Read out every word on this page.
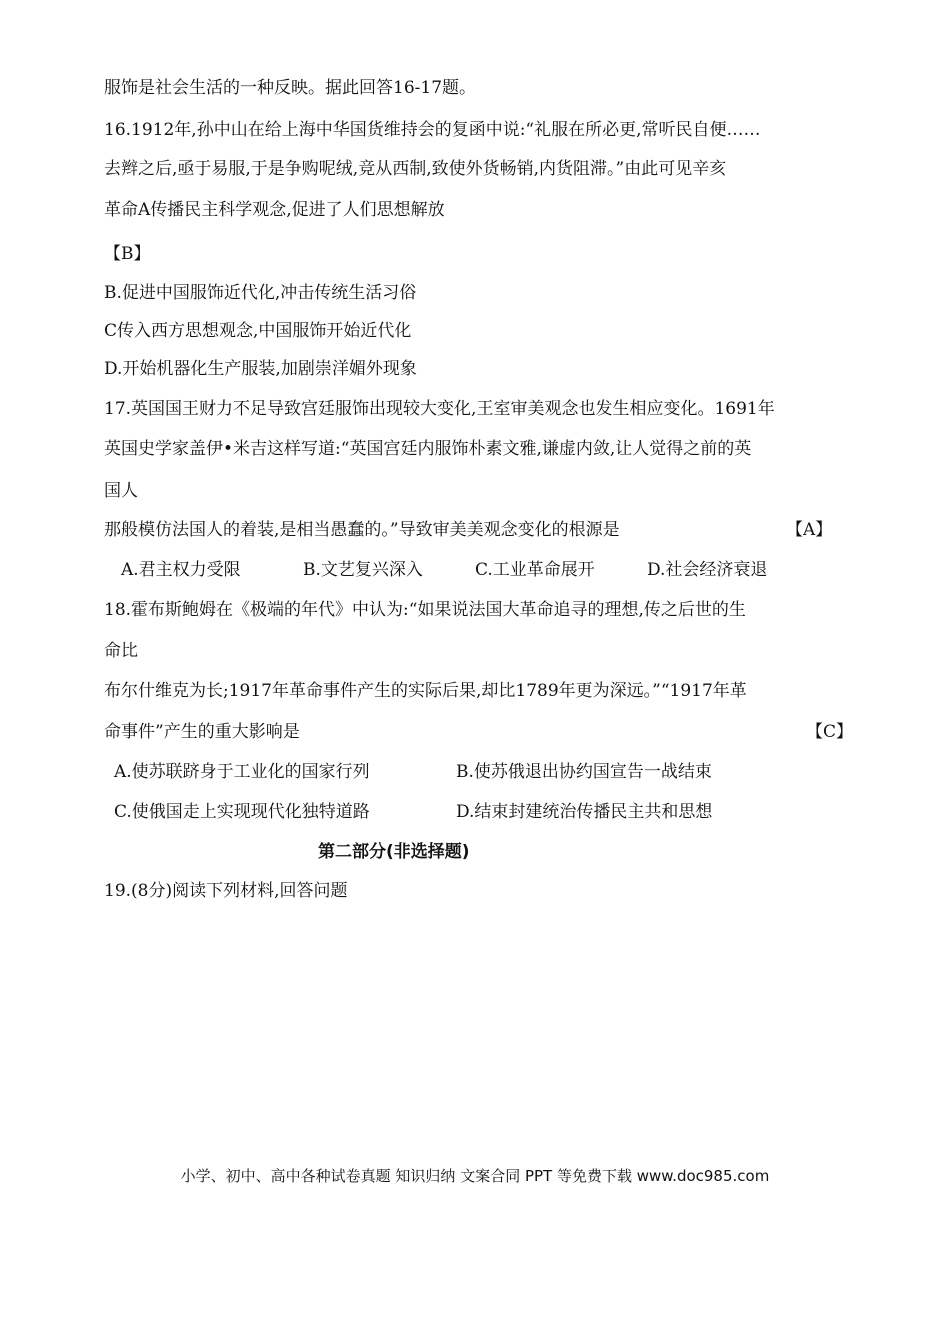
服饰是社会生活的一种反映。据此回答16-17题。
16.1912年,孙中山在给上海中华国货维持会的复函中说:“礼服在所必更,常听民自便……
去辫之后,亟于易服,于是争购呢绒,竞从西制,致使外货畅销,内货阻滞。”由此可见辛亥
革命A传播民主科学观念,促进了人们思想解放
【B】
B.促进中国服饰近代化,冲击传统生活习俗
C传入西方思想观念,中国服饰开始近代化
D.开始机器化生产服装,加剧崇洋媚外现象
17.英国国王财力不足导致宫廷服饰出现较大变化,王室审美观念也发生相应变化。1691年
英国史学家盖伊•米吉这样写道:“英国宫廷内服饰朴素文雅,谦虚内敛,让人觉得之前的英
国人
那般模仿法国人的着装,是相当愚蠢的。”导致审美美观念变化的根源是	【A】
A.君主权力受限	B.文艺复兴深入	C.工业革命展开	D.社会经济衰退
18.霍布斯鲍姆在《极端的年代》中认为:“如果说法国大革命追寻的理想,传之后世的生
命比
布尔什维克为长;1917年革命事件产生的实际后果,却比1789年更为深远。”“1917年革
命事件”产生的重大影响是	【C】
A.使苏联跻身于工业化的国家行列	B.使苏俄退出协约国宣告一战结束
C.使俄国走上实现现代化独特道路	D.结束封建统治传播民主共和思想
第二部分(非选择题)
19.(8分)阅读下列材料,回答问题
小学、初中、高中各种试卷真题 知识归纳 文案合同 PPT 等免费下载 www.doc985.com
